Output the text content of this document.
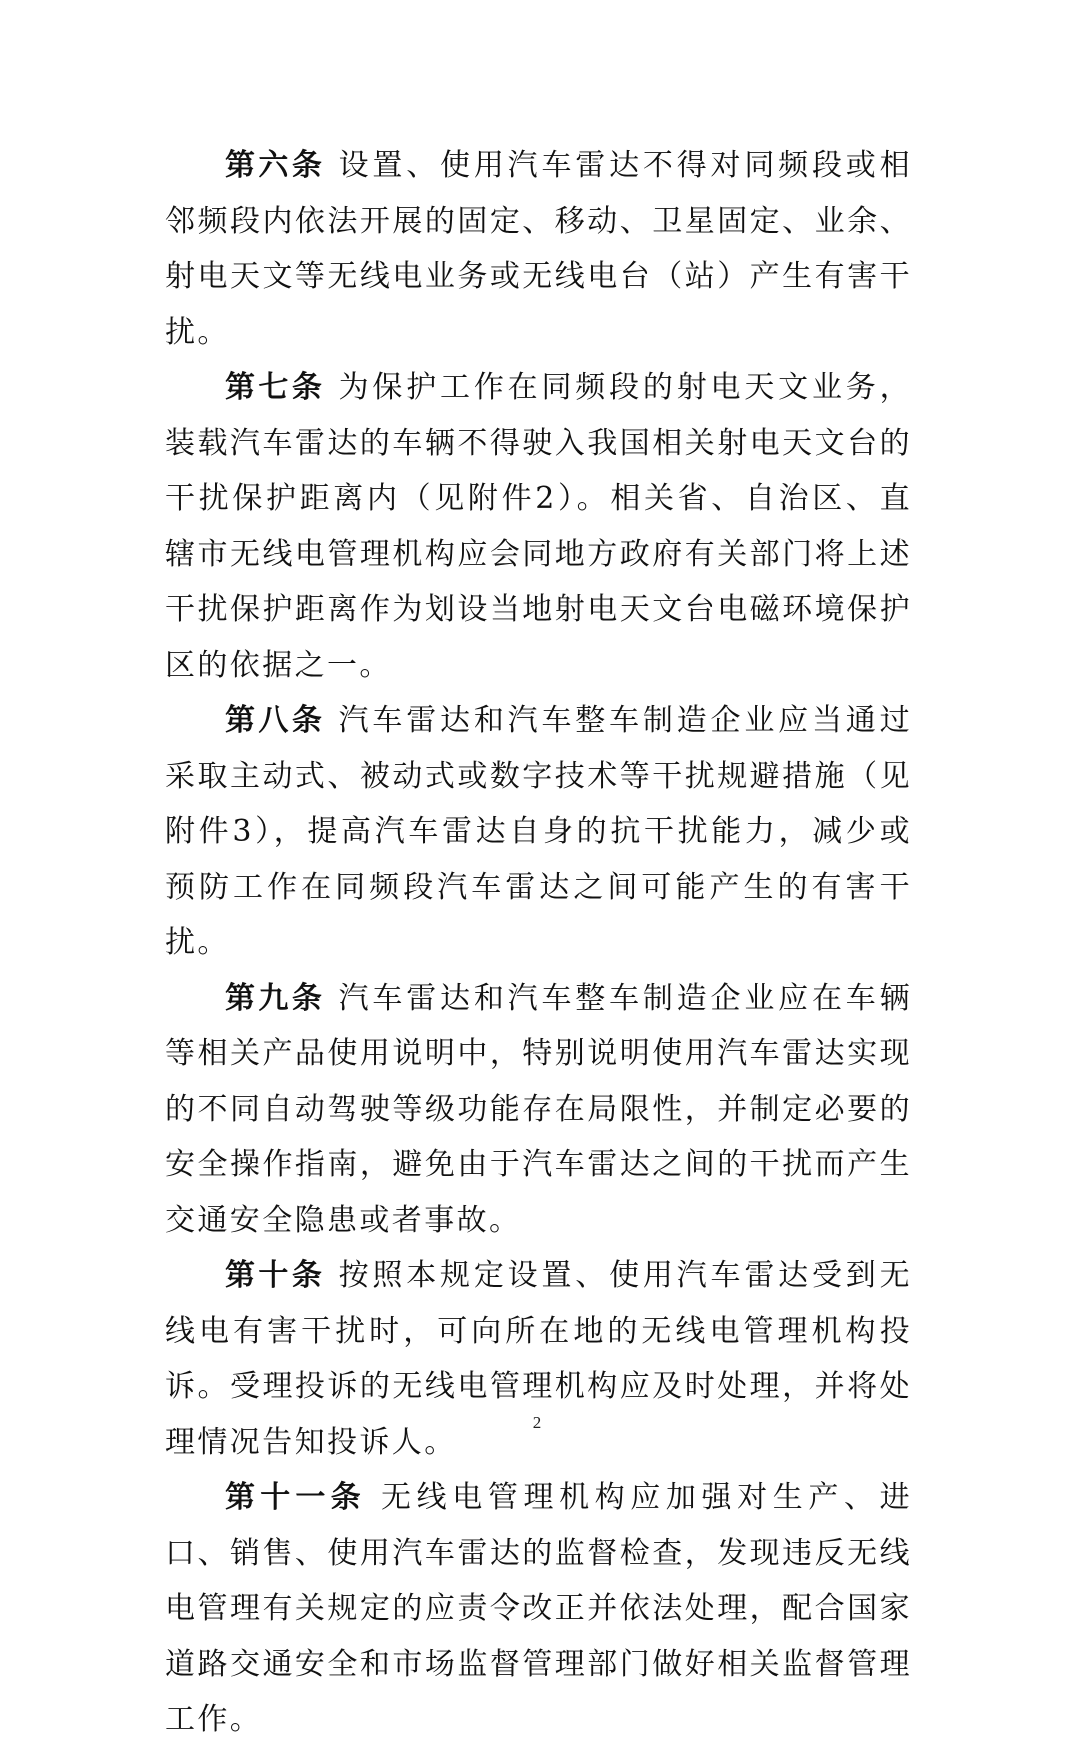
第六条 设置、使用汽车雷达不得对同频段或相邻频段内依法开展的固定、移动、卫星固定、业余、射电天文等无线电业务或无线电台（站）产生有害干扰。

第七条 为保护工作在同频段的射电天文业务，装载汽车雷达的车辆不得驶入我国相关射电天文台的干扰保护距离内（见附件2）。相关省、自治区、直辖市无线电管理机构应会同地方政府有关部门将上述干扰保护距离作为划设当地射电天文台电磁环境保护区的依据之一。

第八条 汽车雷达和汽车整车制造企业应当通过采取主动式、被动式或数字技术等干扰规避措施（见附件3），提高汽车雷达自身的抗干扰能力，减少或预防工作在同频段汽车雷达之间可能产生的有害干扰。

第九条 汽车雷达和汽车整车制造企业应在车辆等相关产品使用说明中，特别说明使用汽车雷达实现的不同自动驾驶等级功能存在局限性，并制定必要的安全操作指南，避免由于汽车雷达之间的干扰而产生交通安全隐患或者事故。

第十条 按照本规定设置、使用汽车雷达受到无线电有害干扰时，可向所在地的无线电管理机构投诉。受理投诉的无线电管理机构应及时处理，并将处理情况告知投诉人。

第十一条 无线电管理机构应加强对生产、进口、销售、使用汽车雷达的监督检查，发现违反无线电管理有关规定的应责令改正并依法处理，配合国家道路交通安全和市场监督管理部门做好相关监督管理工作。

2
